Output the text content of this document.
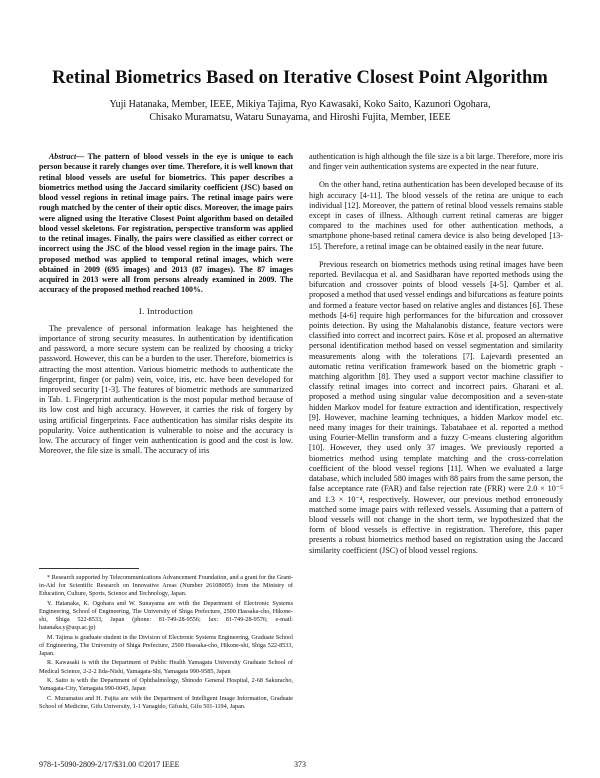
Retinal Biometrics Based on Iterative Closest Point Algorithm
Yuji Hatanaka, Member, IEEE, Mikiya Tajima, Ryo Kawasaki, Koko Saito, Kazunori Ogohara,
Chisako Muramatsu, Wataru Sunayama, and Hiroshi Fujita, Member, IEEE

Abstract— The pattern of blood vessels in the eye is unique to each person because it rarely changes over time. Therefore, it is well known that retinal blood vessels are useful for biometrics. This paper describes a biometrics method using the Jaccard similarity coefficient (JSC) based on blood vessel regions in retinal image pairs. The retinal image pairs were rough matched by the center of their optic discs. Moreover, the image pairs were aligned using the Iterative Closest Point algorithm based on detailed blood vessel skeletons. For registration, perspective transform was applied to the retinal images. Finally, the pairs were classified as either correct or incorrect using the JSC of the blood vessel region in the image pairs. The proposed method was applied to temporal retinal images, which were obtained in 2009 (695 images) and 2013 (87 images). The 87 images acquired in 2013 were all from persons already examined in 2009. The accuracy of the proposed method reached 100%.

I. Introduction

The prevalence of personal information leakage has heightened the importance of strong security measures. In authentication by identification and password, a more secure system can be realized by choosing a tricky password. However, this can be a burden to the user. Therefore, biometrics is attracting the most attention. Various biometric methods to authenticate the fingerprint, finger (or palm) vein, voice, iris, etc. have been developed for improved security [1-3]. The features of biometric methods are summarized in Tab. 1. Fingerprint authentication is the most popular method because of its low cost and high accuracy. However, it carries the risk of forgery by using artificial fingerprints. Face authentication has similar risks despite its popularity. Voice authentication is vulnerable to noise and the accuracy is low. The accuracy of finger vein authentication is good and the cost is low. Moreover, the file size is small. The accuracy of iris

authentication is high although the file size is a bit large. Therefore, more iris and finger vein authentication systems are expected in the near future.

On the other hand, retina authentication has been developed because of its high accuracy [4-11]. The blood vessels of the retina are unique to each individual [12]. Moreover, the pattern of retinal blood vessels remains stable except in cases of illness. Although current retinal cameras are bigger compared to the machines used for other authentication methods, a smartphone phone-based retinal camera device is also being developed [13-15]. Therefore, a retinal image can be obtained easily in the near future.

Previous research on biometrics methods using retinal images have been reported. Bevilacqua et al. and Sasidharan have reported methods using the bifurcation and crossover points of blood vessels [4-5]. Qamber et al. proposed a method that used vessel endings and bifurcations as feature points and formed a feature vector based on relative angles and distances [6]. These methods [4-6] require high performances for the bifurcation and crossover points detection. By using the Mahalanobis distance, feature vectors were classified into correct and incorrect pairs. Köse et al. proposed an alternative personal identification method based on vessel segmentation and similarity measurements along with the tolerations [7]. Lajevardi presented an automatic retina verification framework based on the biometric graph -matching algorithm [8]. They used a support vector machine classifier to classify retinal images into correct and incorrect pairs. Gharani et al. proposed a method using singular value decomposition and a seven-state hidden Markov model for feature extraction and identification, respectively [9]. However, machine learning techniques, a hidden Markov model etc. need many images for their trainings. Tabatabaee et al. reported a method using Fourier-Mellin transform and a fuzzy C-means clustering algorithm [10]. However, they used only 37 images. We previously reported a biometrics method using template matching and the cross-correlation coefficient of the blood vessel regions [11]. When we evaluated a large database, which included 580 images with 88 pairs from the same person, the false acceptance rate (FAR) and false rejection rate (FRR) were 2.0 × 10⁻⁵ and 1.3 × 10⁻⁴, respectively. However, our previous method erroneously matched some image pairs with reflexed vessels. Assuming that a pattern of blood vessels will not change in the short term, we hypothesized that the form of blood vessels is effective in registration. Therefore, this paper presents a robust biometrics method based on registration using the Jaccard similarity coefficient (JSC) of blood vessel regions.

* Research supported by Telecommunications Advancement Foundation, and a grant for the Grant-in-Aid for Scientific Research on Innovative Areas (Number 26108005) from the Ministry of Education, Culture, Sports, Science and Technology, Japan.

Y. Hatanaka, K. Ogohara and W. Sunayama are with the Department of Electronic Systems Engineering, School of Engineering, The University of Shiga Prefecture, 2500 Hassaka-cho, Hikone-shi, Shiga 522-8533, Japan (phone: 81-749-28-9556; fax: 81-749-28-9576; e-mail: hatanaka.y@usp.ac.jp)

M. Tajima is graduate student in the Division of Electronic Systems Engineering, Graduate School of Engineering, The University of Shiga Prefecture, 2500 Hassaka-cho, Hikone-shi, Shiga 522-8533, Japan.

R. Kawasaki is with the Department of Public Health Yamagata University Graduate School of Medical Science, 2-2-2 Iida-Nishi, Yamagata-Shi, Yamagata 990-9585, Japan

K. Saito is with the Department of Ophthalmology, Shinodo General Hospital, 2-68 Sakuracho, Yamagata-City, Yamagata 990-0045, Japan

C. Muramatsu and H. Fujita are with the Department of Intelligent Image Information, Graduate School of Medicine, Gifu University, 1-1 Yanagido, Gifushi, Gifu 501-1194, Japan.

978-1-5090-2809-2/17/$31.00 ©2017 IEEE	373
